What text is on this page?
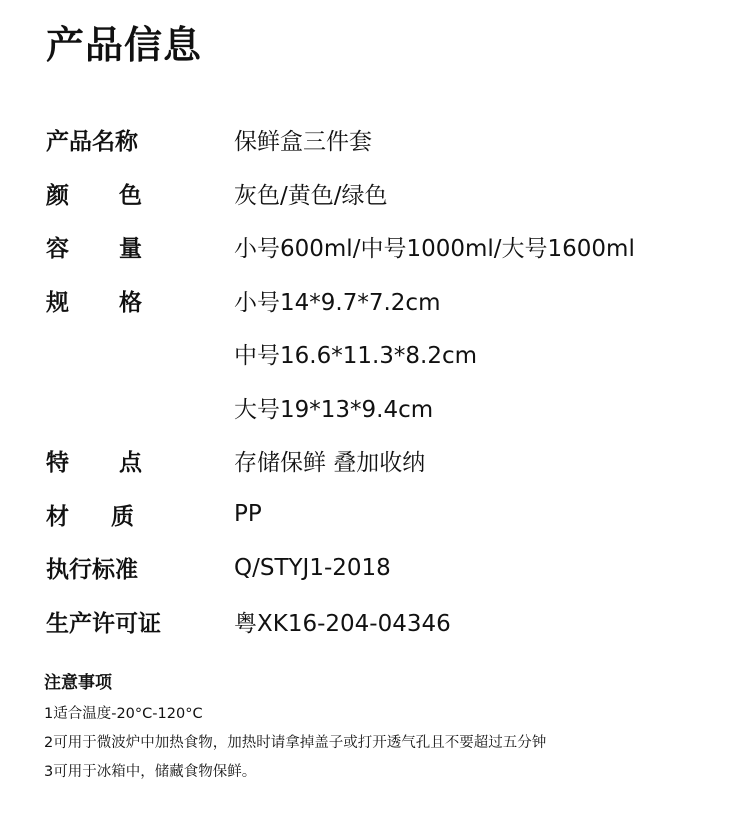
产品信息
产品名称	保鲜盒三件套
颜 色	灰色/黄色/绿色
容 量	小号600ml/中号1000ml/大号1600ml
规 格	小号14*9.7*7.2cm
中号16.6*11.3*8.2cm
大号19*13*9.4cm
特 点	存储保鲜 叠加收纳
材 质	PP
执行标准	Q/STYJ1-2018
生产许可证	粤XK16-204-04346
注意事项
1适合温度-20°C-120°C
2可用于微波炉中加热食物，加热时请拿掉盖子或打开透气孔且不要超过五分钟
3可用于冰箱中，储藏食物保鲜。
